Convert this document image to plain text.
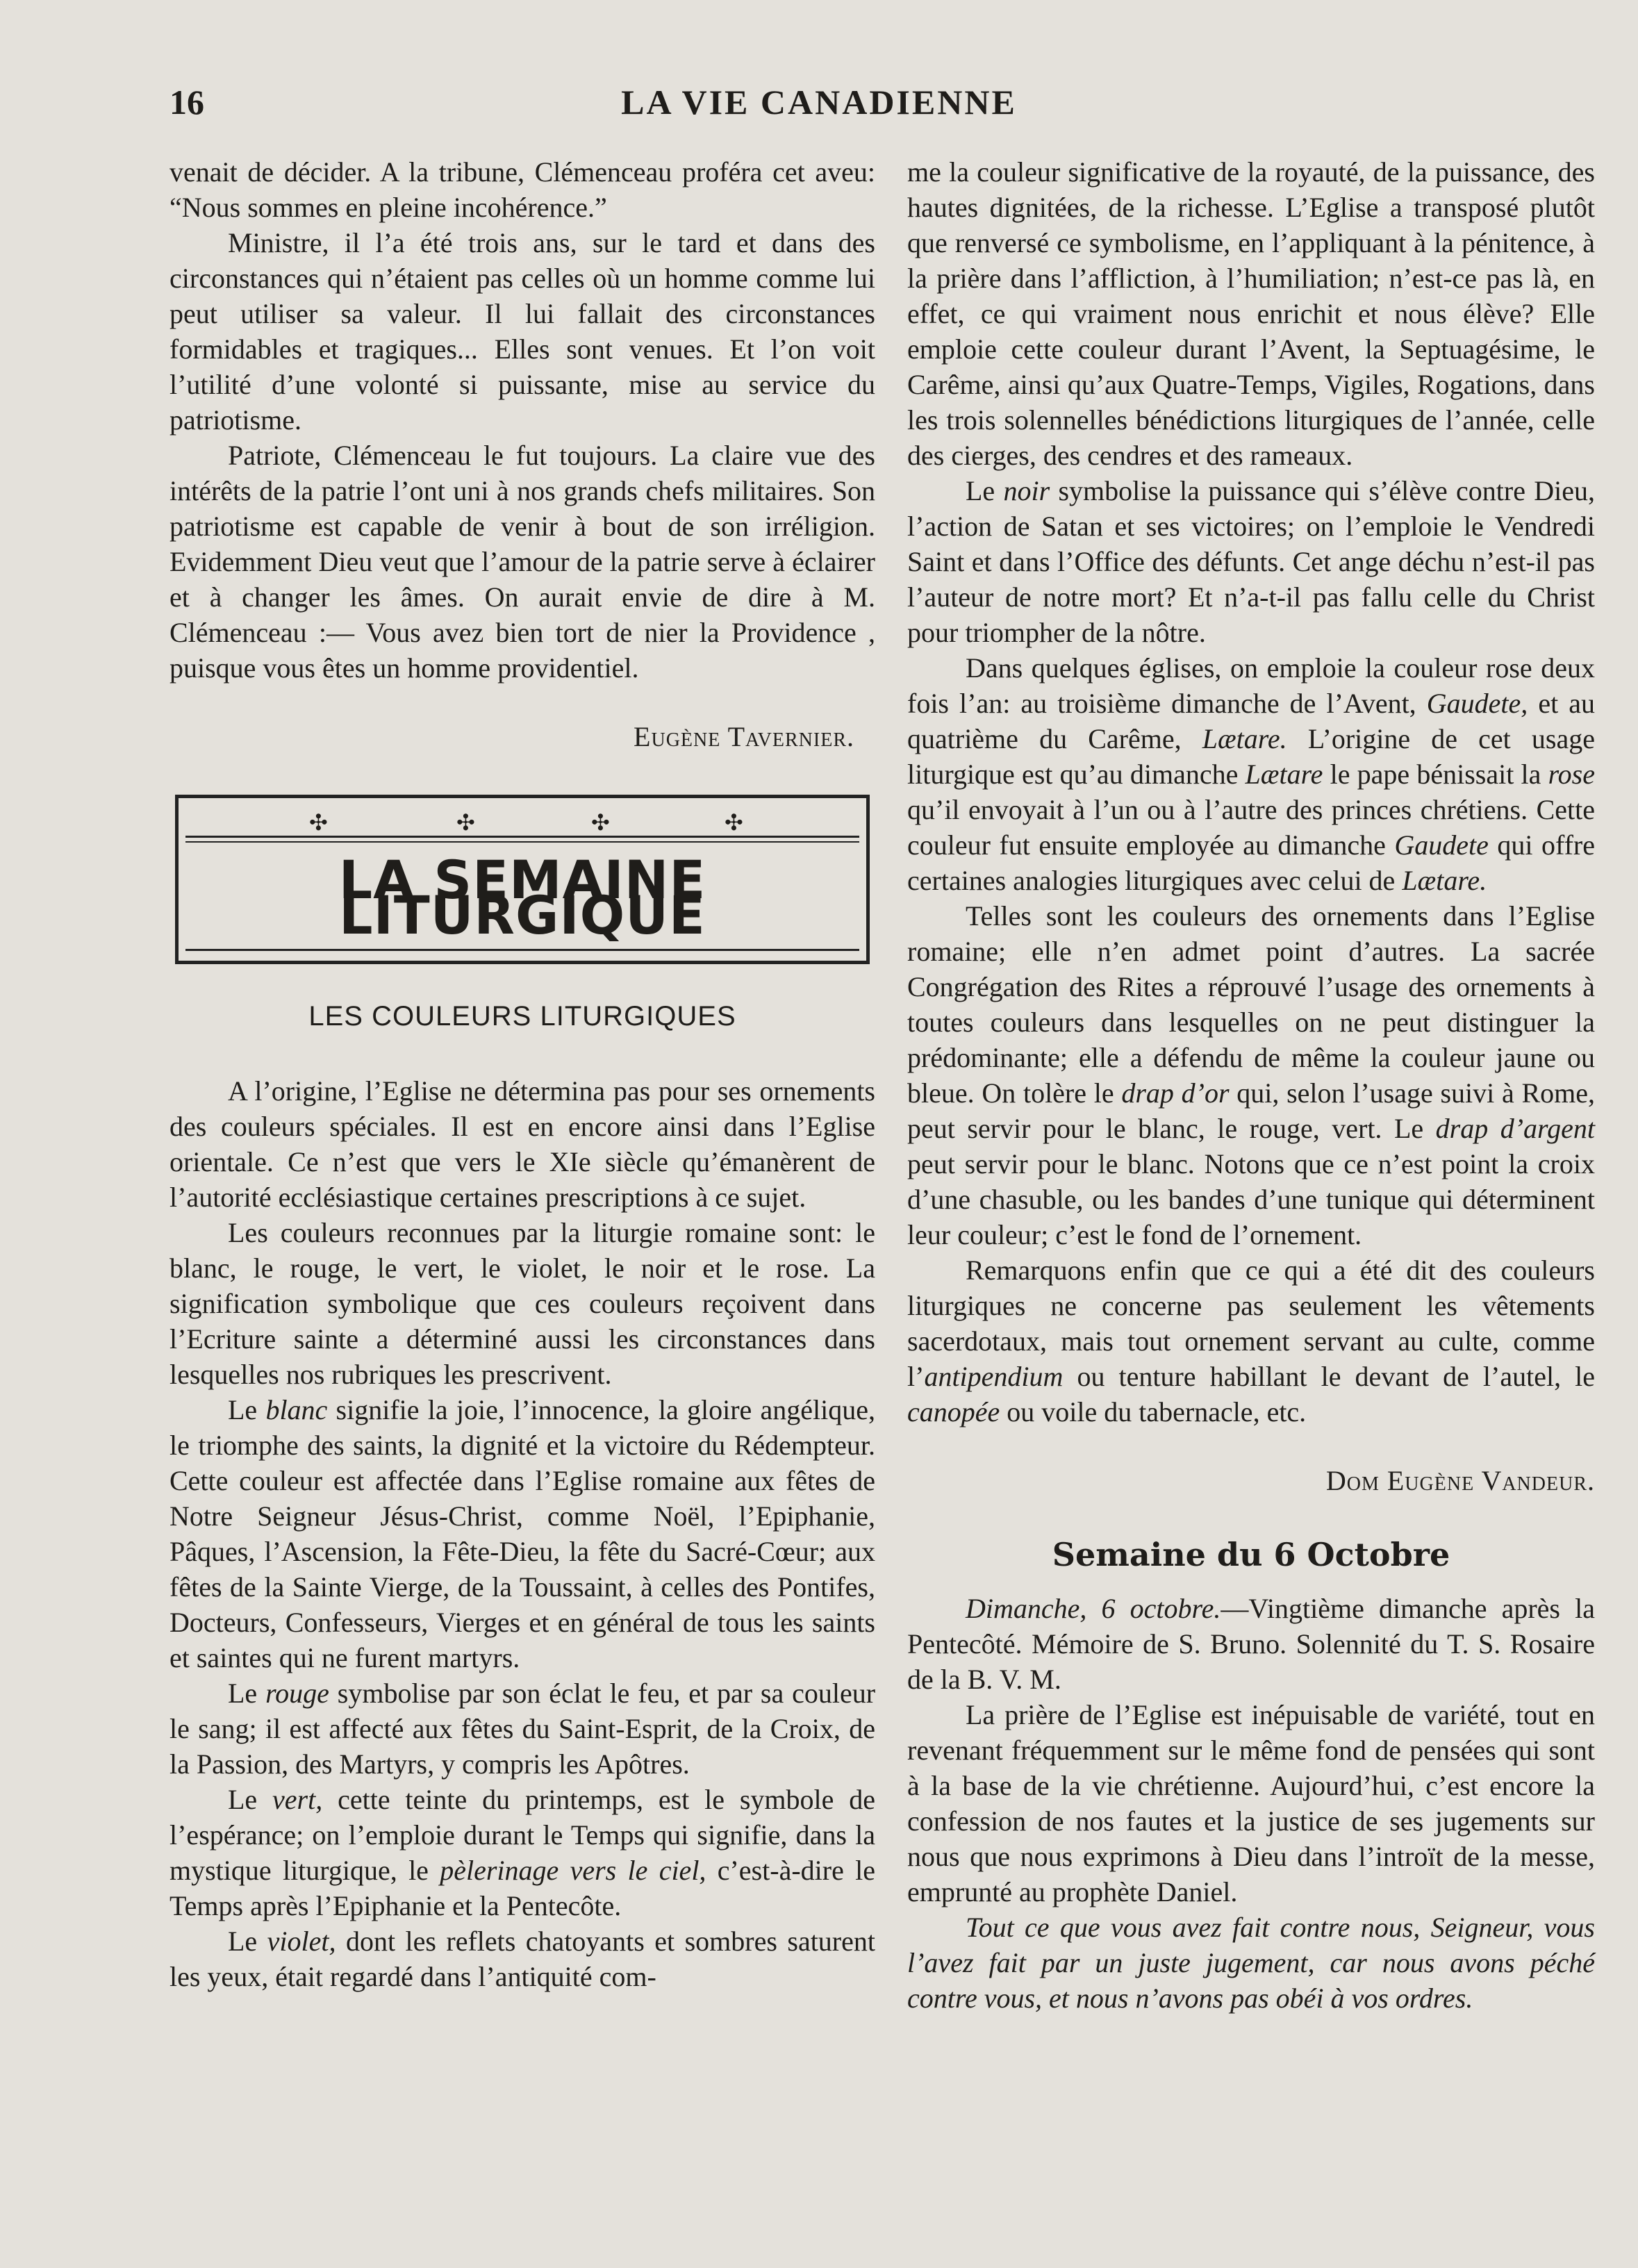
16	LA VIE CANADIENNE

venait de décider. A la tribune, Clémenceau proféra cet aveu: “Nous sommes en pleine incohérence.”

Ministre, il l’a été trois ans, sur le tard et dans des circonstances qui n’étaient pas celles où un homme comme lui peut utiliser sa valeur. Il lui fallait des circonstances formidables et tragiques... Elles sont venues. Et l’on voit l’utilité d’une volonté si puissante, mise au service du patriotisme.

Patriote, Clémenceau le fut toujours. La claire vue des intérêts de la patrie l’ont uni à nos grands chefs militaires. Son patriotisme est capable de venir à bout de son irréligion. Evidemment Dieu veut que l’amour de la patrie serve à éclairer et à changer les âmes. On aurait envie de dire à M. Clémenceau :— Vous avez bien tort de nier la Providence , puisque vous êtes un homme providentiel.

Eugène Tavernier.

✣	✣	✣	✣
LA SEMAINE LITURGIQUE

LES COULEURS LITURGIQUES

A l’origine, l’Eglise ne détermina pas pour ses ornements des couleurs spéciales. Il est en encore ainsi dans l’Eglise orientale. Ce n’est que vers le XIe siècle qu’émanèrent de l’autorité ecclésiastique certaines prescriptions à ce sujet.

Les couleurs reconnues par la liturgie romaine sont: le blanc, le rouge, le vert, le violet, le noir et le rose. La signification symbolique que ces couleurs reçoivent dans l’Ecriture sainte a déterminé aussi les circonstances dans lesquelles nos rubriques les prescrivent.

Le blanc signifie la joie, l’innocence, la gloire angélique, le triomphe des saints, la dignité et la victoire du Rédempteur. Cette couleur est affectée dans l’Eglise romaine aux fêtes de Notre Seigneur Jésus-Christ, comme Noël, l’Epiphanie, Pâques, l’Ascension, la Fête-Dieu, la fête du Sacré-Cœur; aux fêtes de la Sainte Vierge, de la Toussaint, à celles des Pontifes, Docteurs, Confesseurs, Vierges et en général de tous les saints et saintes qui ne furent martyrs.

Le rouge symbolise par son éclat le feu, et par sa couleur le sang; il est affecté aux fêtes du Saint-Esprit, de la Croix, de la Passion, des Martyrs, y compris les Apôtres.

Le vert, cette teinte du printemps, est le symbole de l’espérance; on l’emploie durant le Temps qui signifie, dans la mystique liturgique, le pèlerinage vers le ciel, c’est-à-dire le Temps après l’Epiphanie et la Pentecôte.

Le violet, dont les reflets chatoyants et sombres saturent les yeux, était regardé dans l’antiquité com-

me la couleur significative de la royauté, de la puissance, des hautes dignitées, de la richesse. L’Eglise a transposé plutôt que renversé ce symbolisme, en l’appliquant à la pénitence, à la prière dans l’affliction, à l’humiliation; n’est-ce pas là, en effet, ce qui vraiment nous enrichit et nous élève? Elle emploie cette couleur durant l’Avent, la Septuagésime, le Carême, ainsi qu’aux Quatre-Temps, Vigiles, Rogations, dans les trois solennelles bénédictions liturgiques de l’année, celle des cierges, des cendres et des rameaux.

Le noir symbolise la puissance qui s’élève contre Dieu, l’action de Satan et ses victoires; on l’emploie le Vendredi Saint et dans l’Office des défunts. Cet ange déchu n’est-il pas l’auteur de notre mort? Et n’a-t-il pas fallu celle du Christ pour triompher de la nôtre.

Dans quelques églises, on emploie la couleur rose deux fois l’an: au troisième dimanche de l’Avent, Gaudete, et au quatrième du Carême, Lætare. L’origine de cet usage liturgique est qu’au dimanche Lætare le pape bénissait la rose qu’il envoyait à l’un ou à l’autre des princes chrétiens. Cette couleur fut ensuite employée au dimanche Gaudete qui offre certaines analogies liturgiques avec celui de Lætare.

Telles sont les couleurs des ornements dans l’Eglise romaine; elle n’en admet point d’autres. La sacrée Congrégation des Rites a réprouvé l’usage des ornements à toutes couleurs dans lesquelles on ne peut distinguer la prédominante; elle a défendu de même la couleur jaune ou bleue. On tolère le drap d’or qui, selon l’usage suivi à Rome, peut servir pour le blanc, le rouge, vert. Le drap d’argent peut servir pour le blanc. Notons que ce n’est point la croix d’une chasuble, ou les bandes d’une tunique qui déterminent leur couleur; c’est le fond de l’ornement.

Remarquons enfin que ce qui a été dit des couleurs liturgiques ne concerne pas seulement les vêtements sacerdotaux, mais tout ornement servant au culte, comme l’antipendium ou tenture habillant le devant de l’autel, le canopée ou voile du tabernacle, etc.

Dom Eugène Vandeur.

Semaine du 6 Octobre

Dimanche, 6 octobre.—Vingtième dimanche après la Pentecôté. Mémoire de S. Bruno. Solennité du T. S. Rosaire de la B. V. M.

La prière de l’Eglise est inépuisable de variété, tout en revenant fréquemment sur le même fond de pensées qui sont à la base de la vie chrétienne. Aujourd’hui, c’est encore la confession de nos fautes et la justice de ses jugements sur nous que nous exprimons à Dieu dans l’introït de la messe, emprunté au prophète Daniel.

Tout ce que vous avez fait contre nous, Seigneur, vous l’avez fait par un juste jugement, car nous avons péché contre vous, et nous n’avons pas obéi à vos ordres.
